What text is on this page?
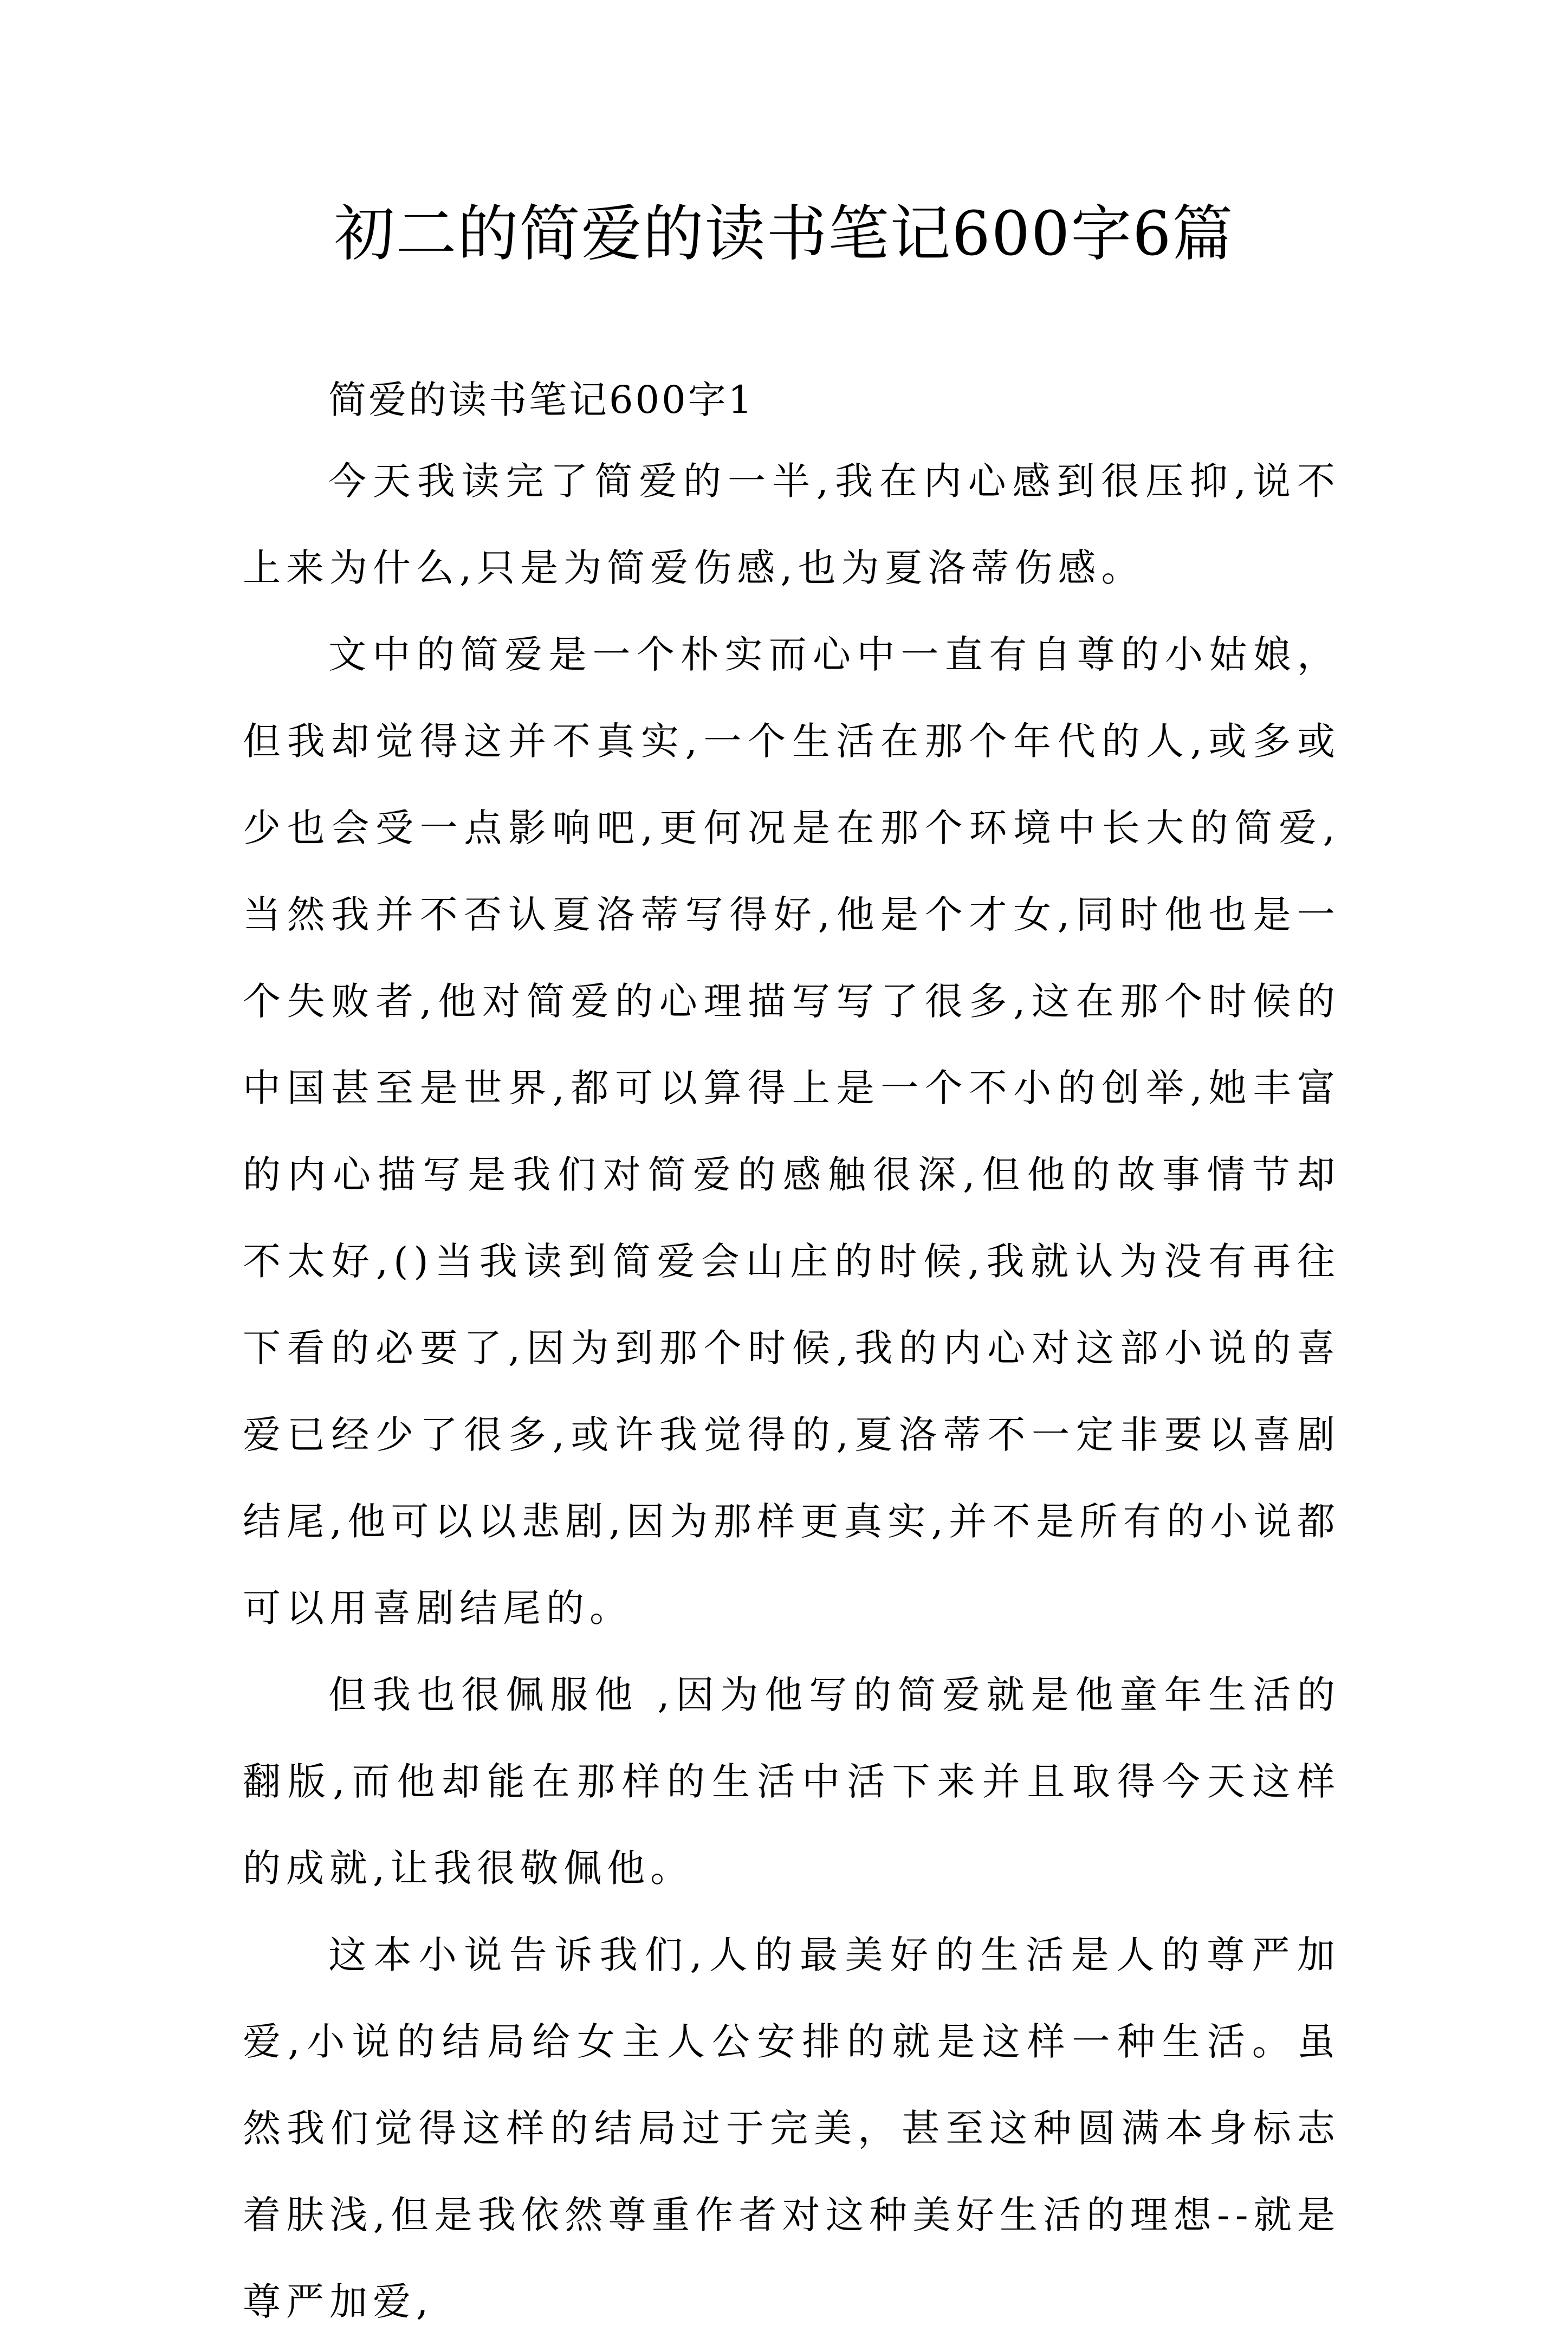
初二的简爱的读书笔记600字6篇
简爱的读书笔记600字1

今天我读完了简爱的一半,我在内心感到很压抑,说不上来为什么,只是为简爱伤感,也为夏洛蒂伤感。

文中的简爱是一个朴实而心中一直有自尊的小姑娘，但我却觉得这并不真实,一个生活在那个年代的人,或多或少也会受一点影响吧,更何况是在那个环境中长大的简爱,当然我并不否认夏洛蒂写得好,他是个才女,同时他也是一个失败者,他对简爱的心理描写写了很多,这在那个时候的中国甚至是世界,都可以算得上是一个不小的创举,她丰富的内心描写是我们对简爱的感触很深,但他的故事情节却不太好,()当我读到简爱会山庄的时候,我就认为没有再往下看的必要了,因为到那个时候,我的内心对这部小说的喜爱已经少了很多,或许我觉得的,夏洛蒂不一定非要以喜剧结尾,他可以以悲剧,因为那样更真实,并不是所有的小说都可以用喜剧结尾的。

但我也很佩服他 ,因为他写的简爱就是他童年生活的翻版,而他却能在那样的生活中活下来并且取得今天这样的成就,让我很敬佩他。

这本小说告诉我们,人的最美好的生活是人的尊严加爱,小说的结局给女主人公安排的就是这样一种生活。虽然我们觉得这样的结局过于完美，甚至这种圆满本身标志着肤浅,但是我依然尊重作者对这种美好生活的理想--就是尊严加爱,
